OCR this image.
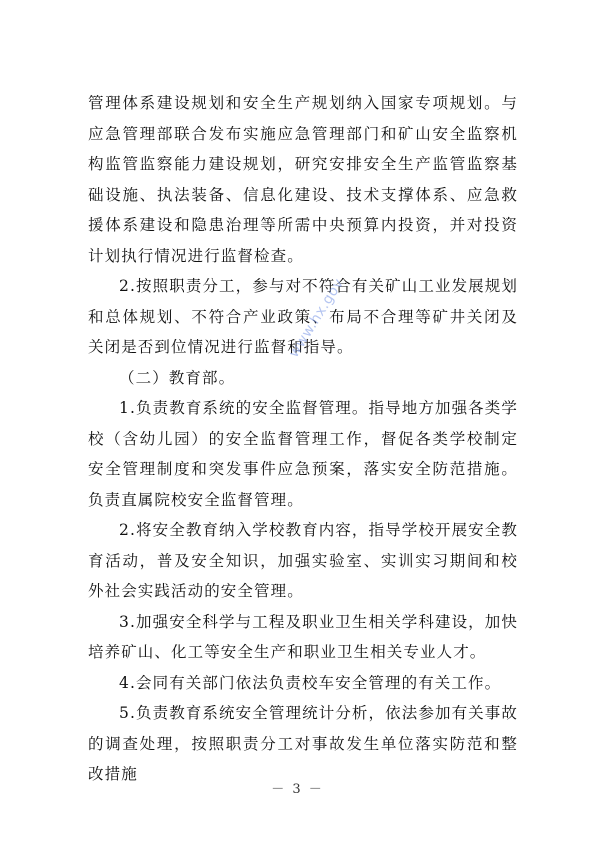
管理体系建设规划和安全生产规划纳入国家专项规划。与应急管理部联合发布实施应急管理部门和矿山安全监察机构监管监察能力建设规划，研究安排安全生产监管监察基础设施、执法装备、信息化建设、技术支撑体系、应急救援体系建设和隐患治理等所需中央预算内投资，并对投资计划执行情况进行监督检查。

2.按照职责分工，参与对不符合有关矿山工业发展规划和总体规划、不符合产业政策、布局不合理等矿井关闭及关闭是否到位情况进行监督和指导。

（二）教育部。

1.负责教育系统的安全监督管理。指导地方加强各类学校（含幼儿园）的安全监督管理工作，督促各类学校制定安全管理制度和突发事件应急预案，落实安全防范措施。负责直属院校安全监督管理。

2.将安全教育纳入学校教育内容，指导学校开展安全教育活动，普及安全知识，加强实验室、实训实习期间和校外社会实践活动的安全管理。

3.加强安全科学与工程及职业卫生相关学科建设，加快培养矿山、化工等安全生产和职业卫生相关专业人才。

4.会同有关部门依法负责校车安全管理的有关工作。

5.负责教育系统安全管理统计分析，依法参加有关事故的调查处理，按照职责分工对事故发生单位落实防范和整改措施

www.hx.gov
－ 3 －
